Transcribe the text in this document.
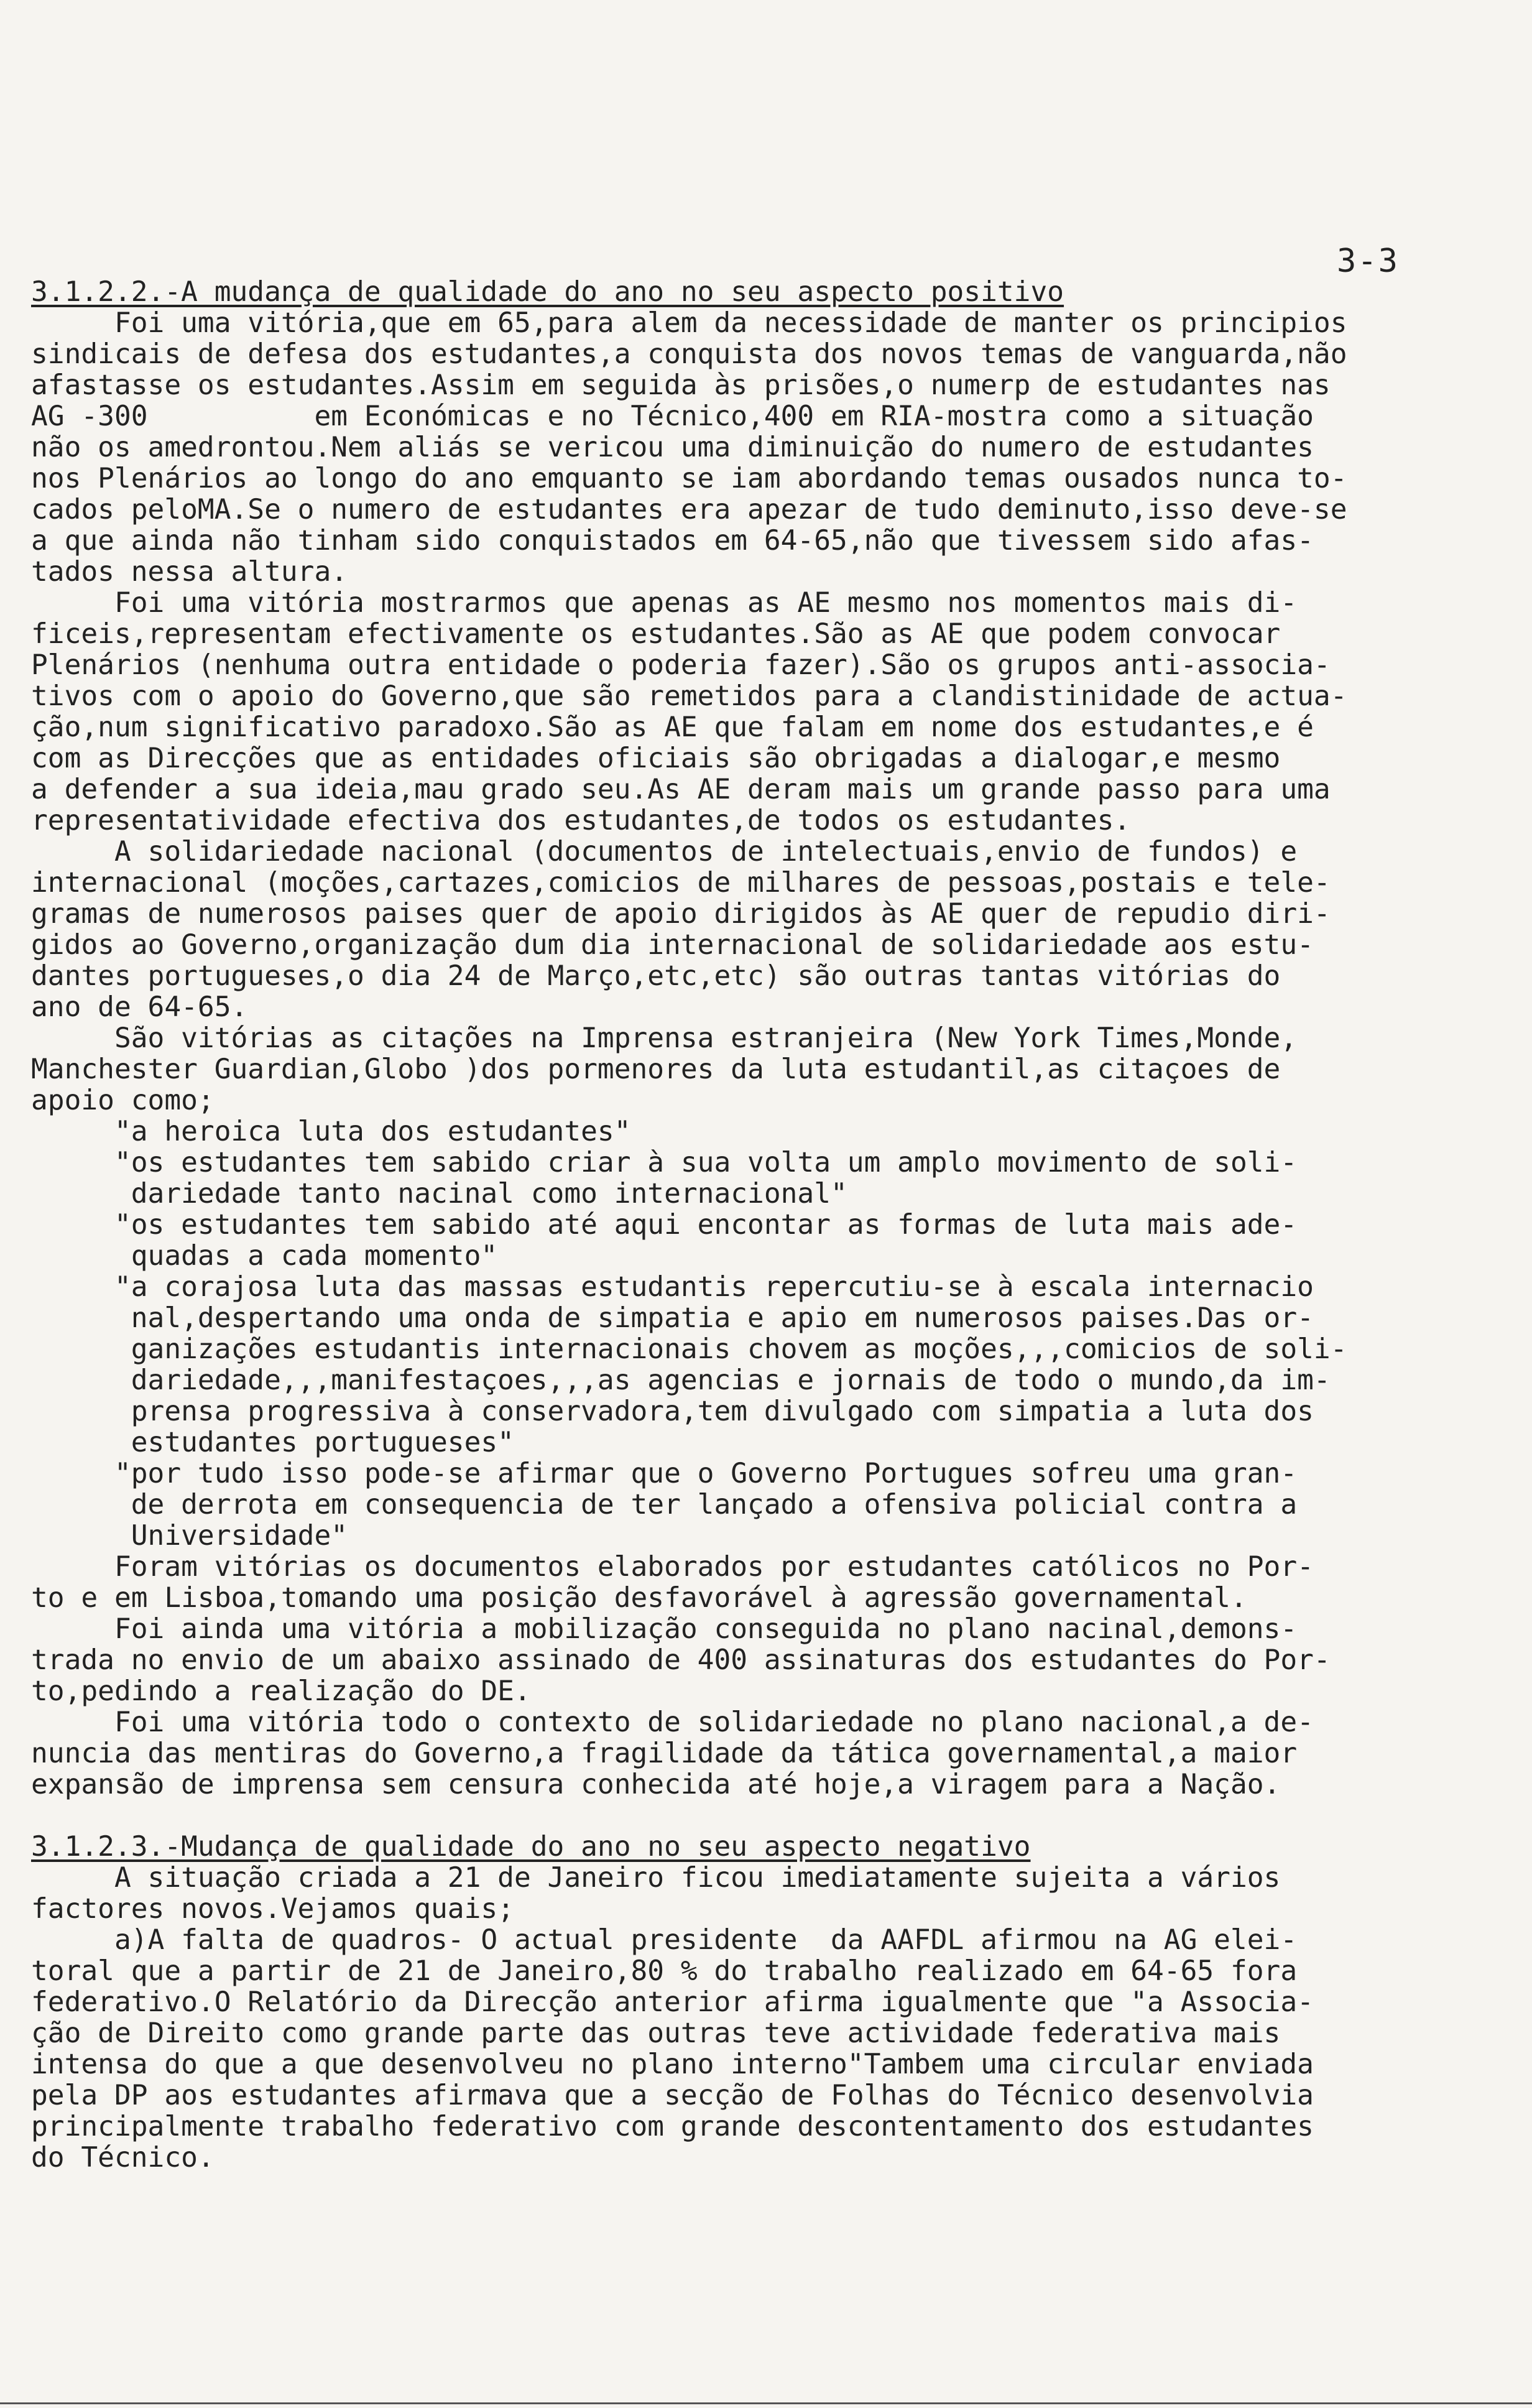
3-3
3.1.2.2.-A mudança de qualidade do ano no seu aspecto positivo
Foi uma vitória,que em 65,para alem da necessidade de manter os principios
sindicais de defesa dos estudantes,a conquista dos novos temas de vanguarda,não
afastasse os estudantes.Assim em seguida às prisões,o numerp de estudantes nas
AG -300          em Económicas e no Técnico,400 em RIA-mostra como a situação
não os amedrontou.Nem aliás se vericou uma diminuição do numero de estudantes
nos Plenários ao longo do ano emquanto se iam abordando temas ousados nunca to-
cados peloMA.Se o numero de estudantes era apezar de tudo deminuto,isso deve-se
a que ainda não tinham sido conquistados em 64-65,não que tivessem sido afas-
tados nessa altura.
Foi uma vitória mostrarmos que apenas as AE mesmo nos momentos mais di-
ficeis,representam efectivamente os estudantes.São as AE que podem convocar
Plenários (nenhuma outra entidade o poderia fazer).São os grupos anti-associa-
tivos com o apoio do Governo,que são remetidos para a clandistinidade de actua-
ção,num significativo paradoxo.São as AE que falam em nome dos estudantes,e é
com as Direcções que as entidades oficiais são obrigadas a dialogar,e mesmo
a defender a sua ideia,mau grado seu.As AE deram mais um grande passo para uma
representatividade efectiva dos estudantes,de todos os estudantes.
A solidariedade nacional (documentos de intelectuais,envio de fundos) e
internacional (moções,cartazes,comicios de milhares de pessoas,postais e tele-
gramas de numerosos paises quer de apoio dirigidos às AE quer de repudio diri-
gidos ao Governo,organização dum dia internacional de solidariedade aos estu-
dantes portugueses,o dia 24 de Março,etc,etc) são outras tantas vitórias do
ano de 64-65.
São vitórias as citações na Imprensa estranjeira (New York Times,Monde,
Manchester Guardian,Globo )dos pormenores da luta estudantil,as citaçoes de
apoio como;
"a heroica luta dos estudantes"
"os estudantes tem sabido criar à sua volta um amplo movimento de soli-
dariedade tanto nacinal como internacional"
"os estudantes tem sabido até aqui encontar as formas de luta mais ade-
quadas a cada momento"
"a corajosa luta das massas estudantis repercutiu-se à escala internacio
nal,despertando uma onda de simpatia e apio em numerosos paises.Das or-
ganizações estudantis internacionais chovem as moções,,,comicios de soli-
dariedade,,,manifestaçoes,,,as agencias e jornais de todo o mundo,da im-
prensa progressiva à conservadora,tem divulgado com simpatia a luta dos
estudantes portugueses"
"por tudo isso pode-se afirmar que o Governo Portugues sofreu uma gran-
de derrota em consequencia de ter lançado a ofensiva policial contra a
Universidade"
Foram vitórias os documentos elaborados por estudantes católicos no Por-
to e em Lisboa,tomando uma posição desfavorável à agressão governamental.
Foi ainda uma vitória a mobilização conseguida no plano nacinal,demons-
trada no envio de um abaixo assinado de 400 assinaturas dos estudantes do Por-
to,pedindo a realização do DE.
Foi uma vitória todo o contexto de solidariedade no plano nacional,a de-
nuncia das mentiras do Governo,a fragilidade da tática governamental,a maior
expansão de imprensa sem censura conhecida até hoje,a viragem para a Nação.
3.1.2.3.-Mudança de qualidade do ano no seu aspecto negativo
A situação criada a 21 de Janeiro ficou imediatamente sujeita a vários
factores novos.Vejamos quais;
a)A falta de quadros- O actual presidente  da AAFDL afirmou na AG elei-
toral que a partir de 21 de Janeiro,80 % do trabalho realizado em 64-65 fora
federativo.O Relatório da Direcção anterior afirma igualmente que "a Associa-
ção de Direito como grande parte das outras teve actividade federativa mais
intensa do que a que desenvolveu no plano interno"Tambem uma circular enviada
pela DP aos estudantes afirmava que a secção de Folhas do Técnico desenvolvia
principalmente trabalho federativo com grande descontentamento dos estudantes
do Técnico.
